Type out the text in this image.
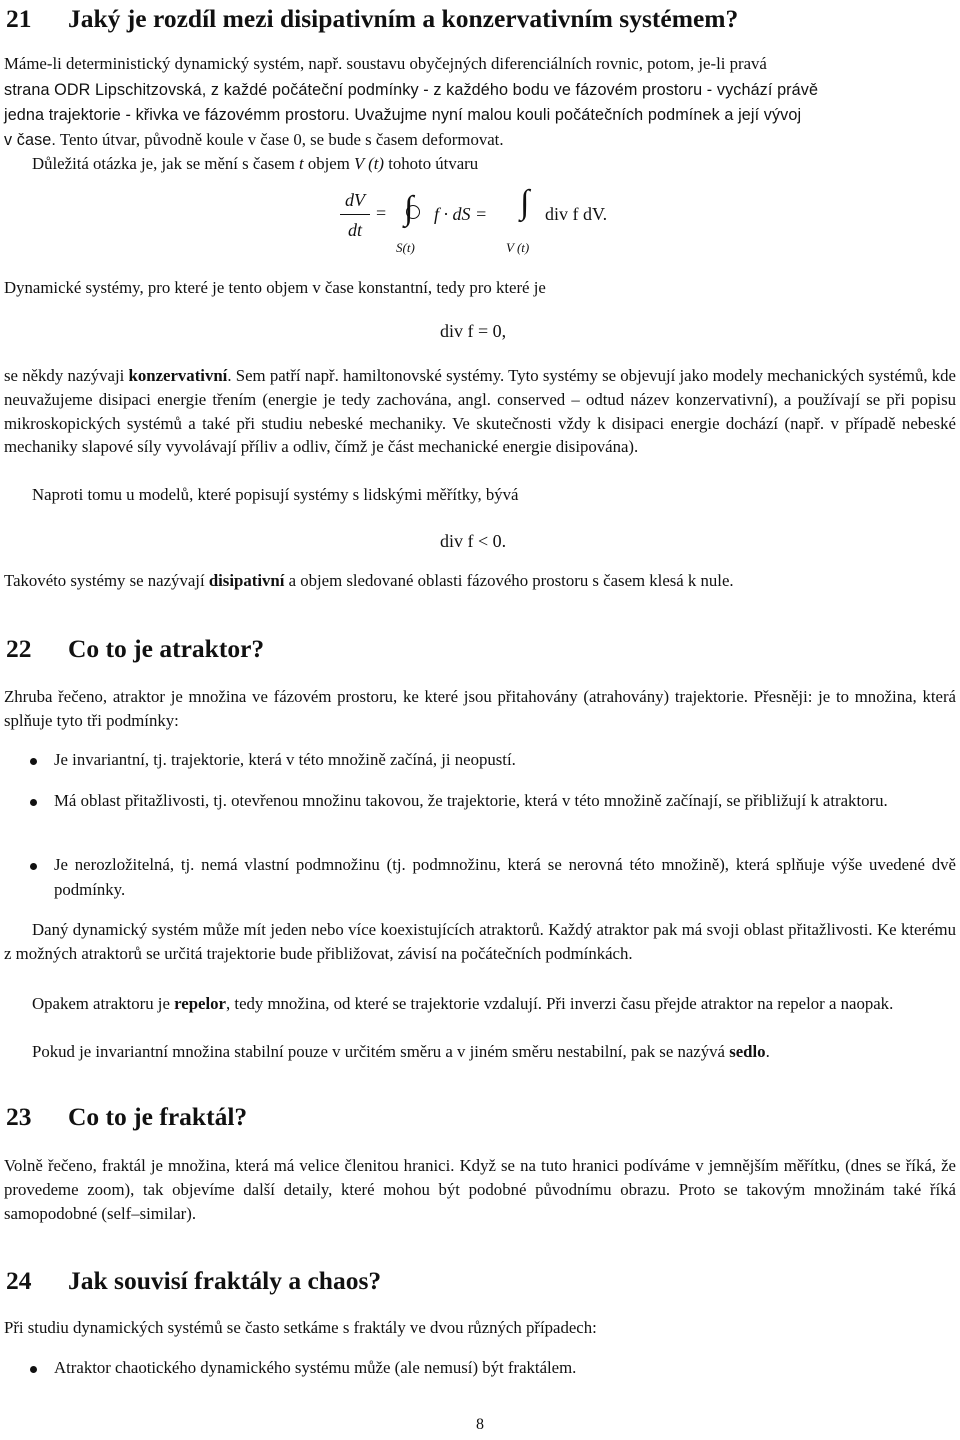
21 Jaký je rozdíl mezi disipativním a konzervativním systémem?
Máme-li deterministický dynamický systém, např. soustavu obyčejných diferenciálních rovnic, potom, je-li pravá
strana ODR Lipschitzovská, z každé počáteční podmínky - z každého bodu ve fázovém prostoru - vychází právě
jedna trajektorie - křivka ve fázovémm prostoru. Uvažujme nyní malou kouli počátečních podmínek a její vývoj
v čase. Tento útvar, původně koule v čase 0, se bude s časem deformovat.
Důležitá otázka je, jak se mění s časem t objem V (t) tohoto útvaru
dV
dt
= ∫ f · dS =
S(t)
∫
V (t)
div f dV.
Dynamické systémy, pro které je tento objem v čase konstantní, tedy pro které je
div f = 0,

se někdy nazývaji konzervativní. Sem patří např. hamiltonovské systémy. Tyto systémy se objevují jako modely mechanických systémů, kde neuvažujeme disipaci energie třením (energie je tedy zachována, angl. conserved – odtud název konzervativní), a používají se při popisu mikroskopických systémů a také při studiu nebeské mechaniky. Ve skutečnosti vždy k disipaci energie dochází (např. v případě nebeské mechaniky slapové síly vyvolávají příliv a odliv, čímž je část mechanické energie disipována).

Naproti tomu u modelů, které popisují systémy s lidskými měřítky, bývá
div f < 0.
Takovéto systémy se nazývají disipativní a objem sledované oblasti fázového prostoru s časem klesá k nule.
22 Co to je atraktor?

Zhruba řečeno, atraktor je množina ve fázovém prostoru, ke které jsou přitahovány (atrahovány) trajektorie. Přesněji: je to množina, která splňuje tyto tři podmínky:

Je invariantní, tj. trajektorie, která v této množině začíná, ji neopustí.
Má oblast přitažlivosti, tj. otevřenou množinu takovou, že trajektorie, která v této množině začínají, se přibližují k atraktoru.
Je nerozložitelná, tj. nemá vlastní podmnožinu (tj. podmnožinu, která se nerovná této množině), která splňuje výše uvedené dvě podmínky.

Daný dynamický systém může mít jeden nebo více koexistujících atraktorů. Každý atraktor pak má svoji oblast přitažlivosti. Ke kterému z možných atraktorů se určitá trajektorie bude přibližovat, závisí na počátečních podmínkách.

Opakem atraktoru je repelor, tedy množina, od které se trajektorie vzdalují. Při inverzi času přejde atraktor na repelor a naopak.

Pokud je invariantní množina stabilní pouze v určitém směru a v jiném směru nestabilní, pak se nazývá sedlo.

23 Co to je fraktál?

Volně řečeno, fraktál je množina, která má velice členitou hranici. Když se na tuto hranici podíváme v jemnějším měřítku, (dnes se říká, že provedeme zoom), tak objevíme další detaily, které mohou být podobné původnímu obrazu. Proto se takovým množinám také říká samopodobné (self–similar).

24 Jak souvisí fraktály a chaos?
Při studiu dynamických systémů se často setkáme s fraktály ve dvou různých případech:
Atraktor chaotického dynamického systému může (ale nemusí) být fraktálem.
8
